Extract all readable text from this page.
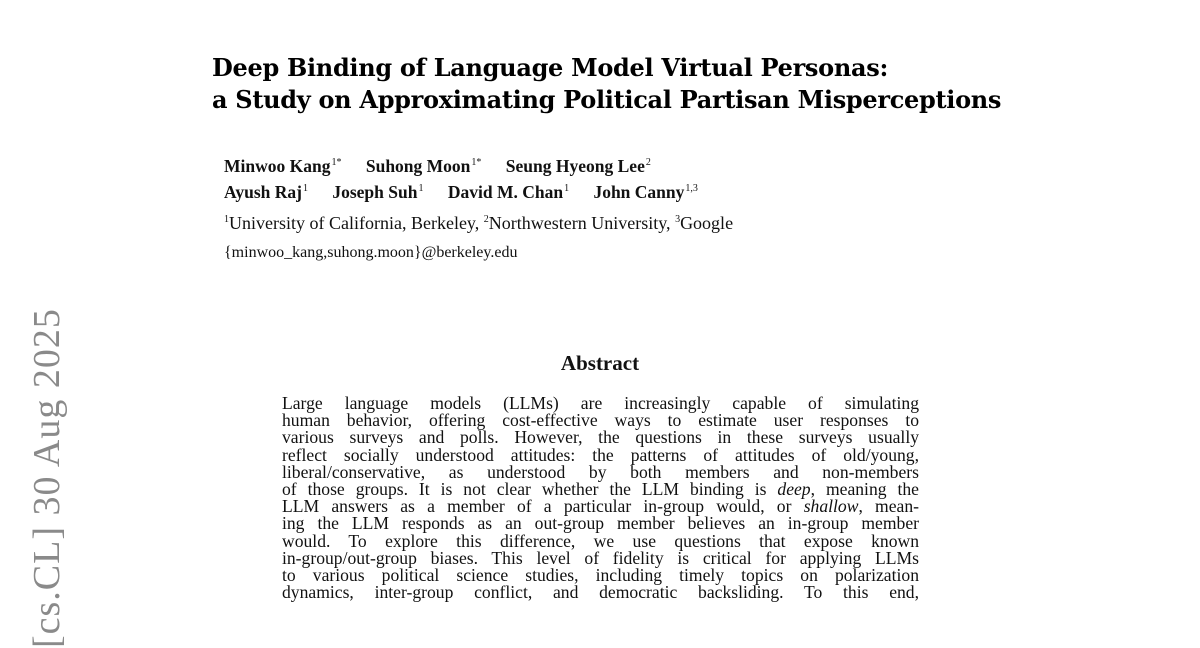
[cs.CL] 30 Aug 2025
Deep Binding of Language Model Virtual Personas:
a Study on Approximating Political Partisan Misperceptions
Minwoo Kang$^{1*}$ Suhong Moon$^{1*}$ Seung Hyeong Lee$^2$
Ayush Raj$^1$ Joseph Suh$^1$ David M. Chan$^1$ John Canny$^{1,3}$
$^1$University of California, Berkeley, $^2$Northwestern University, $^3$Google
{minwoo_kang,suhong.moon}@berkeley.edu
Abstract
Large language models (LLMs) are increasingly capable of simulating
human behavior, offering cost-effective ways to estimate user responses to
various surveys and polls. However, the questions in these surveys usually
reflect socially understood attitudes: the patterns of attitudes of old/young,
liberal/conservative, as understood by both members and non-members
of those groups. It is not clear whether the LLM binding is deep, meaning the
LLM answers as a member of a particular in-group would, or shallow, mean-
ing the LLM responds as an out-group member believes an in-group member
would. To explore this difference, we use questions that expose known
in-group/out-group biases. This level of fidelity is critical for applying LLMs
to various political science studies, including timely topics on polarization
dynamics, inter-group conflict, and democratic backsliding. To this end,
